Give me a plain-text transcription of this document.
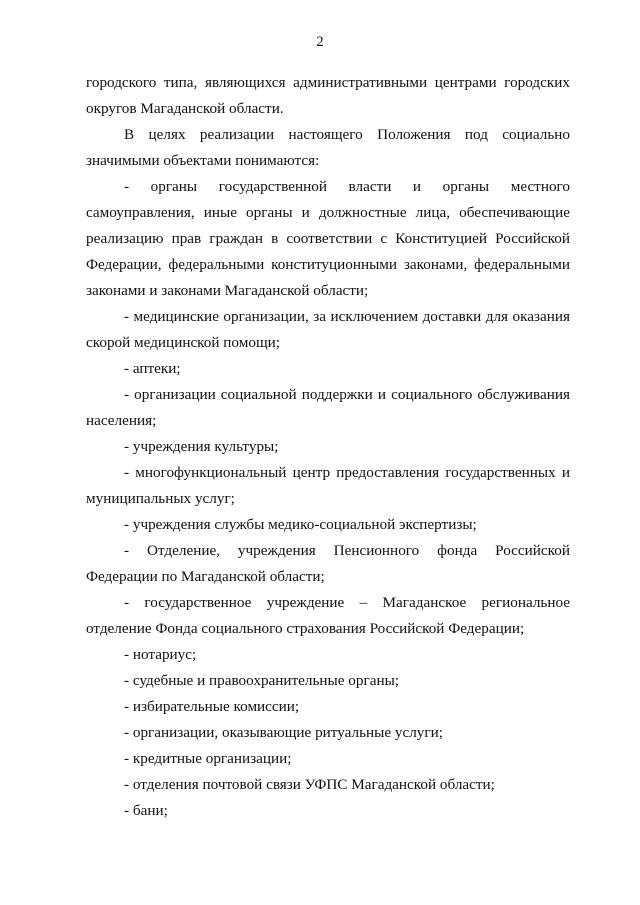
2

городского типа, являющихся административными центрами городских округов Магаданской области.

В целях реализации настоящего Положения под социально значимыми объектами понимаются:

- органы государственной власти и органы местного самоуправления, иные органы и должностные лица, обеспечивающие реализацию прав граждан в соответствии с Конституцией Российской Федерации, федеральными конституционными законами, федеральными законами и законами Магаданской области;

- медицинские организации, за исключением доставки для оказания скорой медицинской помощи;

- аптеки;

- организации социальной поддержки и социального обслуживания населения;

- учреждения культуры;

- многофункциональный центр предоставления государственных и муниципальных услуг;

- учреждения службы медико-социальной экспертизы;

- Отделение, учреждения Пенсионного фонда Российской Федерации по Магаданской области;

- государственное учреждение – Магаданское региональное отделение Фонда социального страхования Российской Федерации;

- нотариус;

- судебные и правоохранительные органы;

- избирательные комиссии;

- организации, оказывающие ритуальные услуги;

- кредитные организации;

- отделения почтовой связи УФПС Магаданской области;

- бани;
